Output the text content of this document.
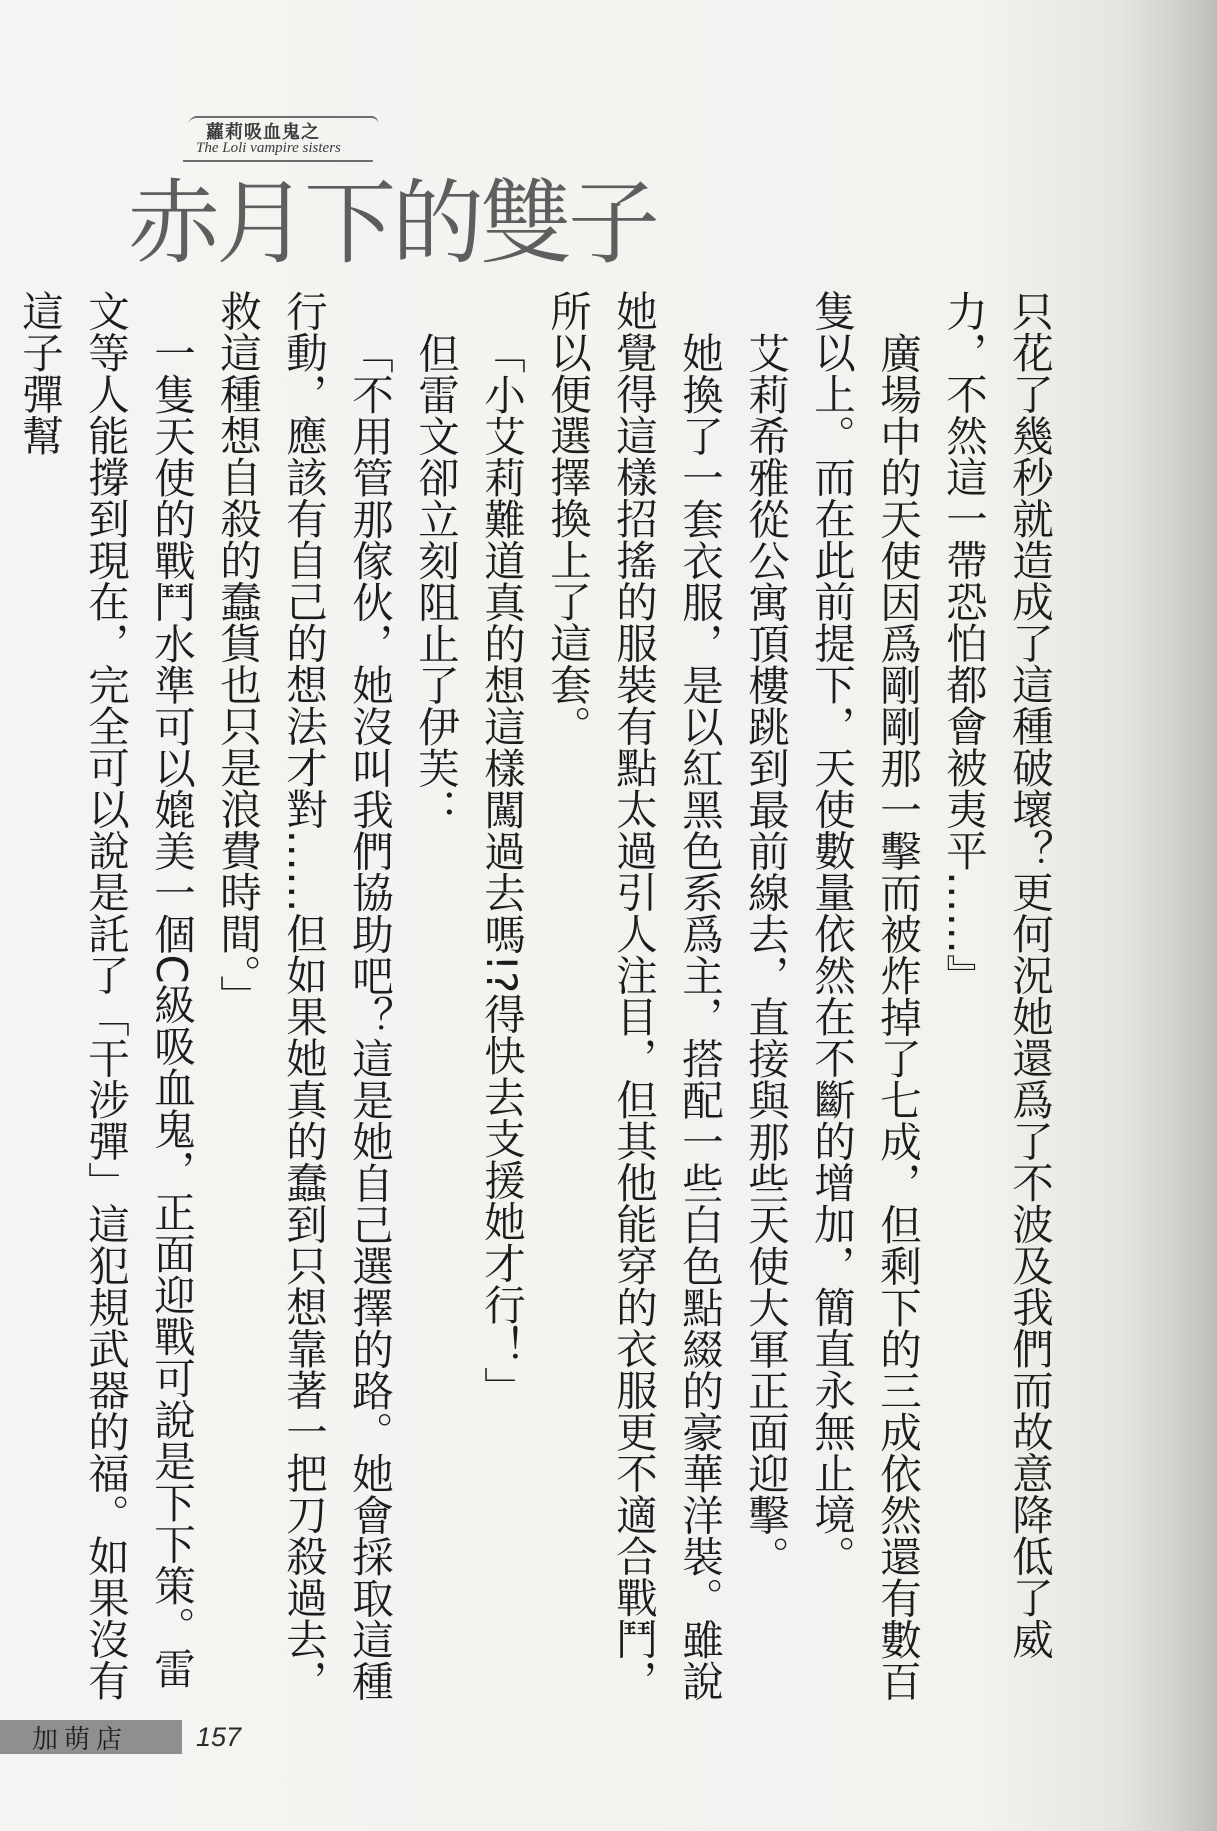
蘿莉吸血鬼之
The Loli vampire sisters
赤月下的雙子

只花了幾秒就造成了這種破壞？更何況她還爲了不波及我們而故意降低了威力，不然這一帶恐怕都會被夷平……』

廣場中的天使因爲剛剛那一擊而被炸掉了七成，但剩下的三成依然還有數百隻以上。而在此前提下，天使數量依然在不斷的增加，簡直永無止境。

艾莉希雅從公寓頂樓跳到最前線去，直接與那些天使大軍正面迎擊。

她換了一套衣服，是以紅黑色系爲主，搭配一些白色點綴的豪華洋裝。雖說她覺得這樣招搖的服裝有點太過引人注目，但其他能穿的衣服更不適合戰鬥，所以便選擇換上了這套。

「小艾莉難道真的想這樣闖過去嗎!?得快去支援她才行！」

但雷文卻立刻阻止了伊芙：

「不用管那傢伙，她沒叫我們協助吧？這是她自己選擇的路。她會採取這種行動，應該有自己的想法才對……但如果她真的蠢到只想靠著一把刀殺過去，救這種想自殺的蠢貨也只是浪費時間。」

一隻天使的戰鬥水準可以媲美一個C級吸血鬼，正面迎戰可說是下下策。雷文等人能撐到現在，完全可以說是託了「干涉彈」這犯規武器的福。如果沒有這子彈幫

加萌店	157
